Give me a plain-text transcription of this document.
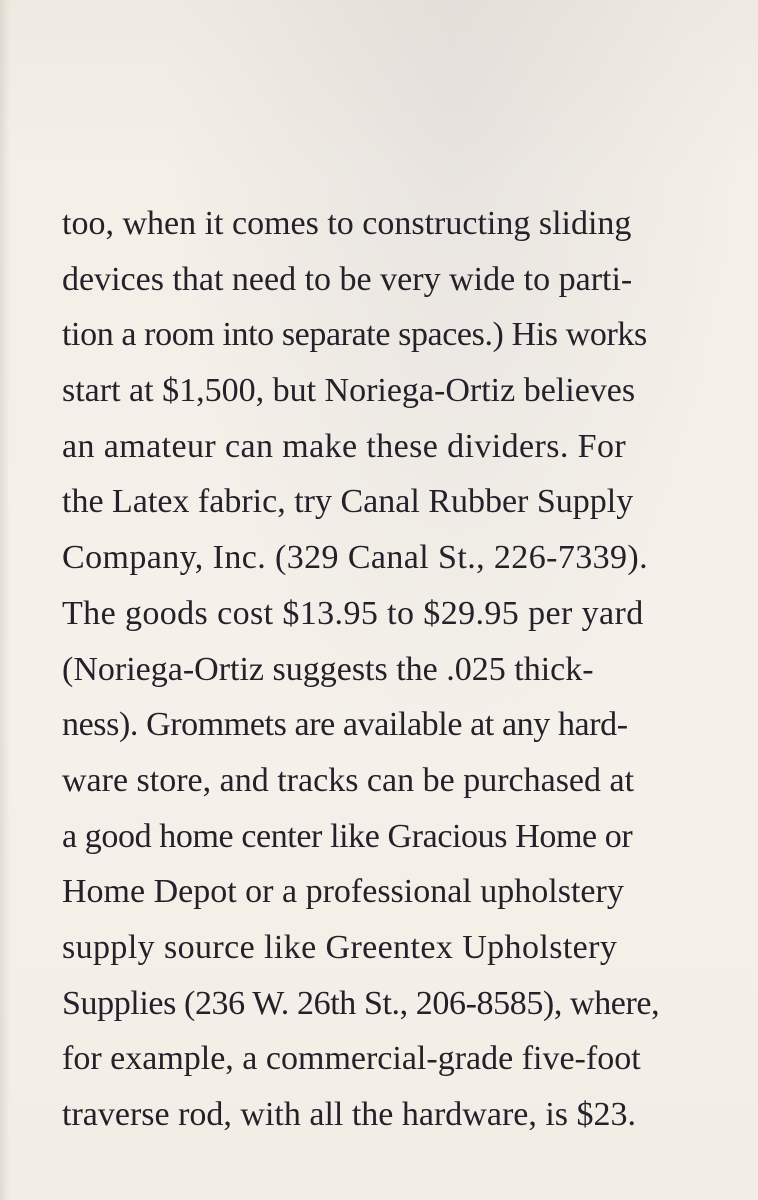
too, when it comes to constructing sliding
devices that need to be very wide to parti-
tion a room into separate spaces.) His works
start at $1,500, but Noriega-Ortiz believes
an amateur can make these dividers. For
the Latex fabric, try Canal Rubber Supply
Company, Inc. (329 Canal St., 226-7339).
The goods cost $13.95 to $29.95 per yard
(Noriega-Ortiz suggests the .025 thick-
ness). Grommets are available at any hard-
ware store, and tracks can be purchased at
a good home center like Gracious Home or
Home Depot or a professional upholstery
supply source like Greentex Upholstery
Supplies (236 W. 26th St., 206-8585), where,
for example, a commercial-grade five-foot
traverse rod, with all the hardware, is $23.
